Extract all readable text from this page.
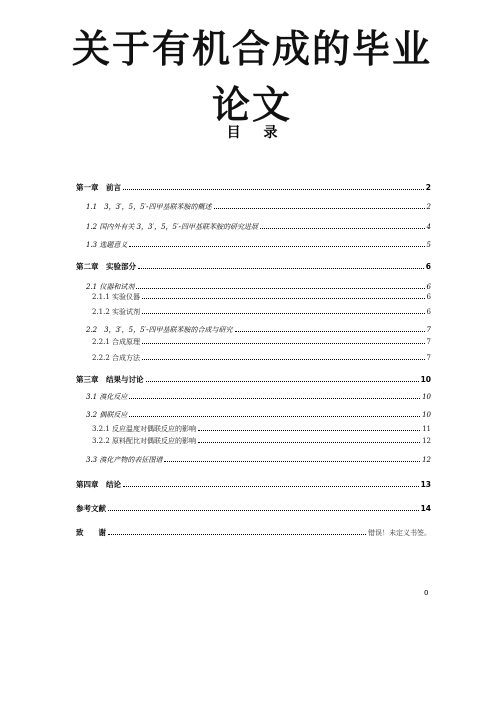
关于有机合成的毕业
论文
目 录
第一章　前言	2
1.1　3，3′，5，5′-四甲基联苯胺的概述	2
1.2 国内外有关 3，3′，5，5′-四甲基联苯胺的研究进展	4
1.3 选题意义	5
第二章　实验部分	6
2.1 仪器和试剂	6
2.1.1 实验仪器	6
2.1.2 实验试剂	6
2.2　3，3′，5，5′-四甲基联苯胺的合成与研究	7
2.2.1 合成原理	7
2.2.2 合成方法	7
第三章　结果与讨论	10
3.1 溴化反应	10
3.2 偶联反应	10
3.2.1 反应温度对偶联反应的影响	11
3.2.2 原料配比对偶联反应的影响	12
3.3 溴化产物的表征图谱	12
第四章　结论	13
参考文献	14
致　　谢	错误！未定义书签。
0
